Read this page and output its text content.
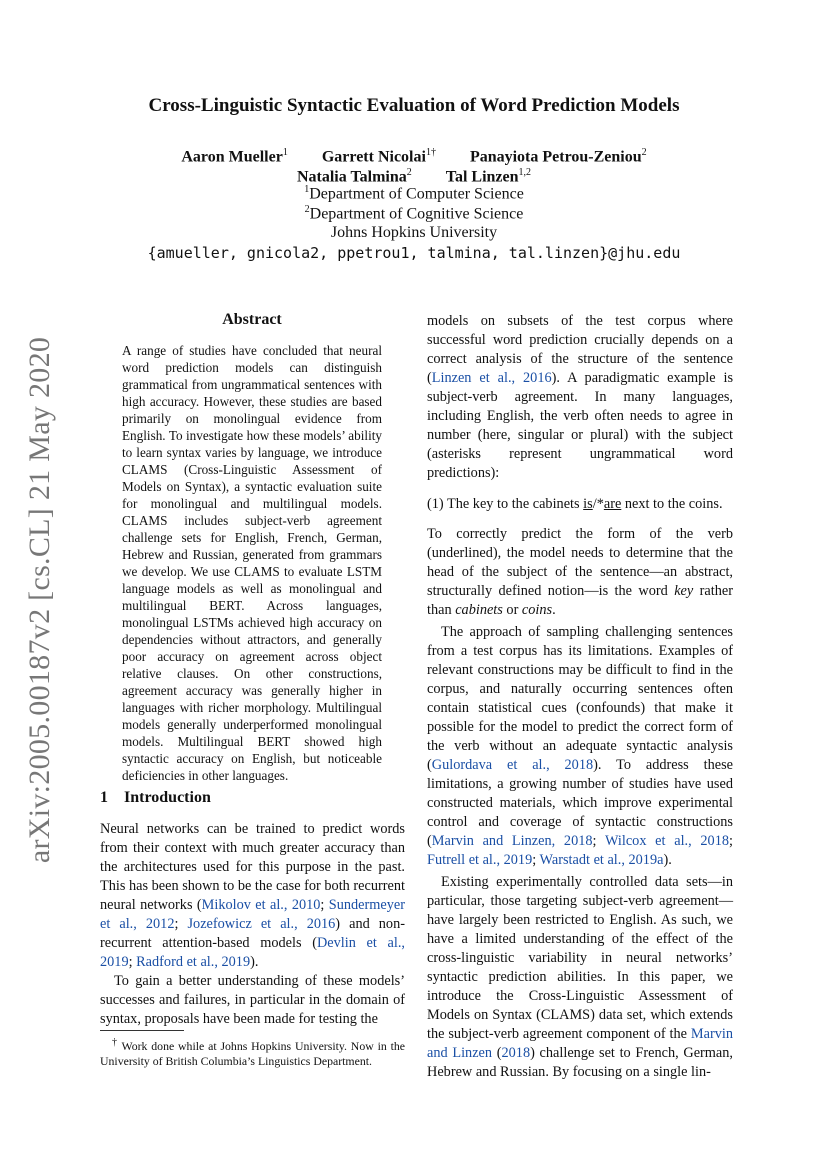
arXiv:2005.00187v2 [cs.CL] 21 May 2020
Cross-Linguistic Syntactic Evaluation of Word Prediction Models
Aaron Mueller$^1$ Garrett Nicolai$^{1\dagger}$ Panayiota Petrou-Zeniou$^2$
Natalia Talmina$^2$ Tal Linzen$^{1,2}$
$^1$Department of Computer Science
$^2$Department of Cognitive Science
Johns Hopkins University
{amueller, gnicola2, ppetrou1, talmina, tal.linzen}@jhu.edu
Abstract
A range of studies have concluded that neural word prediction models can distinguish grammatical from ungrammatical sentences with high accuracy. However, these studies are based primarily on monolingual evidence from English. To investigate how these models’ ability to learn syntax varies by language, we introduce CLAMS (Cross-Linguistic Assessment of Models on Syntax), a syntactic evaluation suite for monolingual and multilingual models. CLAMS includes subject-verb agreement challenge sets for English, French, German, Hebrew and Russian, generated from grammars we develop. We use CLAMS to evaluate LSTM language models as well as monolingual and multilingual BERT. Across languages, monolingual LSTMs achieved high accuracy on dependencies without attractors, and generally poor accuracy on agreement across object relative clauses. On other constructions, agreement accuracy was generally higher in languages with richer morphology. Multilingual models generally underperformed monolingual models. Multilingual BERT showed high syntactic accuracy on English, but noticeable deficiencies in other languages.
1 Introduction

Neural networks can be trained to predict words from their context with much greater accuracy than the architectures used for this purpose in the past. This has been shown to be the case for both recurrent neural networks (Mikolov et al., 2010; Sundermeyer et al., 2012; Jozefowicz et al., 2016) and non-recurrent attention-based models (Devlin et al., 2019; Radford et al., 2019).

To gain a better understanding of these models’ successes and failures, in particular in the domain of syntax, proposals have been made for testing the

† Work done while at Johns Hopkins University. Now in the University of British Columbia’s Linguistics Department.

models on subsets of the test corpus where successful word prediction crucially depends on a correct analysis of the structure of the sentence (Linzen et al., 2016). A paradigmatic example is subject-verb agreement. In many languages, including English, the verb often needs to agree in number (here, singular or plural) with the subject (asterisks represent ungrammatical word predictions):

(1) The key to the cabinets is/*are next to the coins.

To correctly predict the form of the verb (underlined), the model needs to determine that the head of the subject of the sentence—an abstract, structurally defined notion—is the word key rather than cabinets or coins.

The approach of sampling challenging sentences from a test corpus has its limitations. Examples of relevant constructions may be difficult to find in the corpus, and naturally occurring sentences often contain statistical cues (confounds) that make it possible for the model to predict the correct form of the verb without an adequate syntactic analysis (Gulordava et al., 2018). To address these limitations, a growing number of studies have used constructed materials, which improve experimental control and coverage of syntactic constructions (Marvin and Linzen, 2018; Wilcox et al., 2018; Futrell et al., 2019; Warstadt et al., 2019a).

Existing experimentally controlled data sets—in particular, those targeting subject-verb agreement—have largely been restricted to English. As such, we have a limited understanding of the effect of the cross-linguistic variability in neural networks’ syntactic prediction abilities. In this paper, we introduce the Cross-Linguistic Assessment of Models on Syntax (CLAMS) data set, which extends the subject-verb agreement component of the Marvin and Linzen (2018) challenge set to French, German, Hebrew and Russian. By focusing on a single lin-
